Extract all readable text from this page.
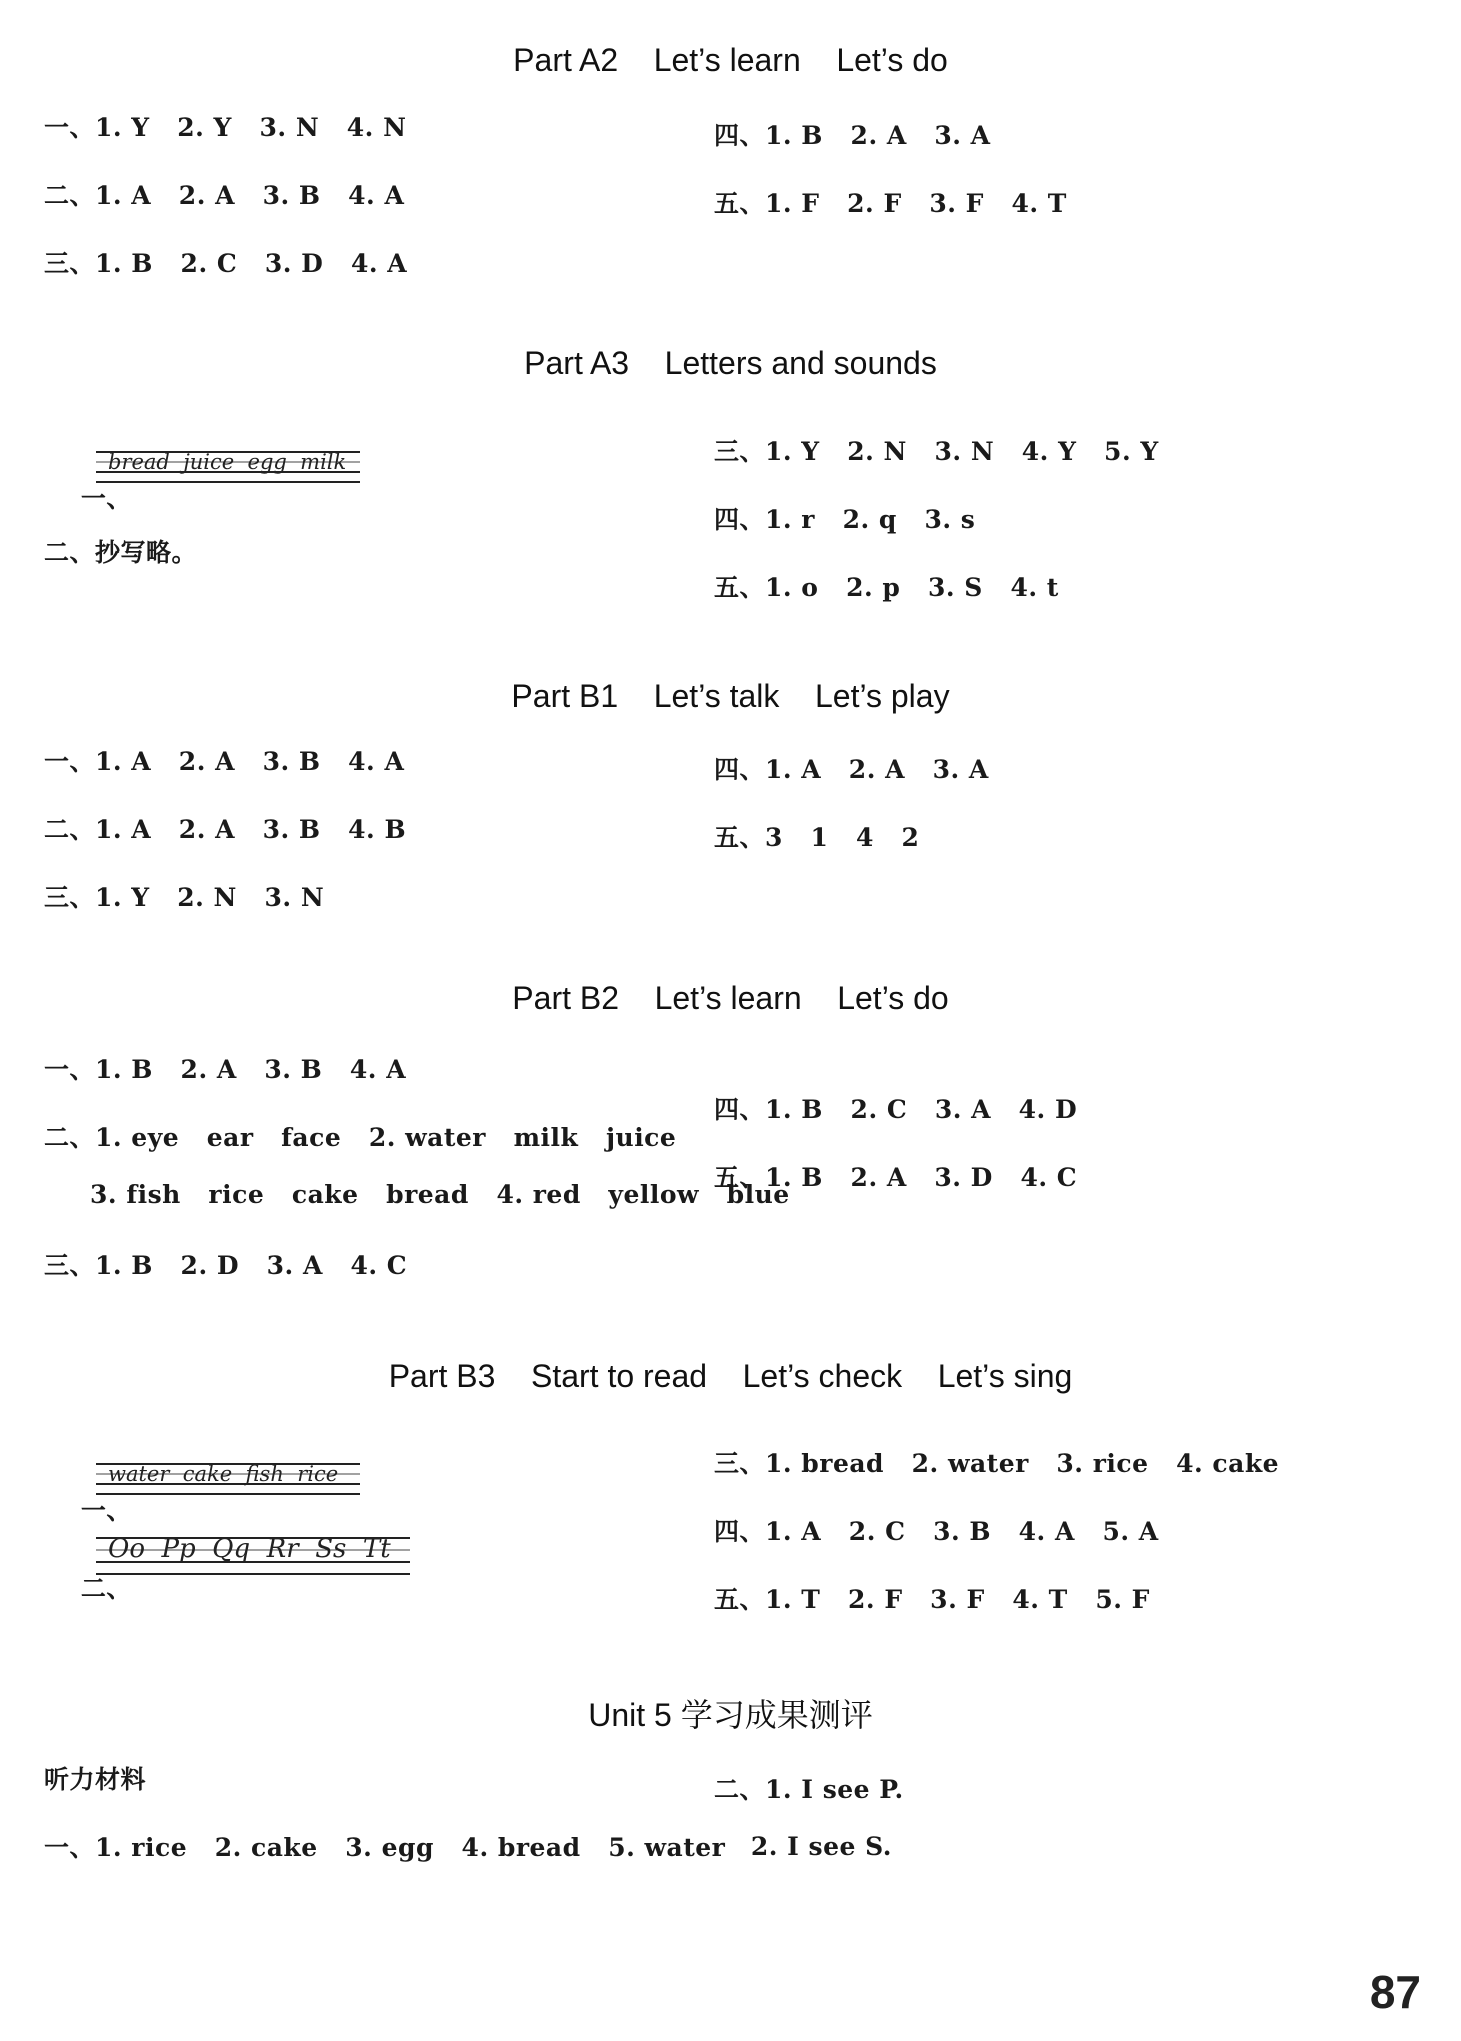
Part A2    Let’s learn    Let’s do
一、1. Y   2. Y   3. N   4. N
二、1. A   2. A   3. B   4. A
三、1. B   2. C   3. D   4. A
四、1. B   2. A   3. A
五、1. F   2. F   3. F   4. T
Part A3    Letters and sounds

一、

bread  juice  egg  milk
二、抄写略。
三、1. Y   2. N   3. N   4. Y   5. Y
四、1. r   2. q   3. s
五、1. o   2. p   3. S   4. t
Part B1    Let’s talk    Let’s play
一、1. A   2. A   3. B   4. A
二、1. A   2. A   3. B   4. B
三、1. Y   2. N   3. N
四、1. A   2. A   3. A
五、3   1   4   2
Part B2    Let’s learn    Let’s do
一、1. B   2. A   3. B   4. A
二、1. eye   ear   face   2. water   milk   juice
3. fish   rice   cake   bread   4. red   yellow   blue
三、1. B   2. D   3. A   4. C
四、1. B   2. C   3. A   4. D
五、1. B   2. A   3. D   4. C
Part B3    Start to read    Let’s check    Let’s sing

一、

water  cake  fish  rice

二、

Oo  Pp  Qq  Rr  Ss  Tt
三、1. bread   2. water   3. rice   4. cake
四、1. A   2. C   3. B   4. A   5. A
五、1. T   2. F   3. F   4. T   5. F
Unit 5 学习成果测评
听力材料
一、1. rice   2. cake   3. egg   4. bread   5. water
二、1. I see P.
2. I see S.
87
